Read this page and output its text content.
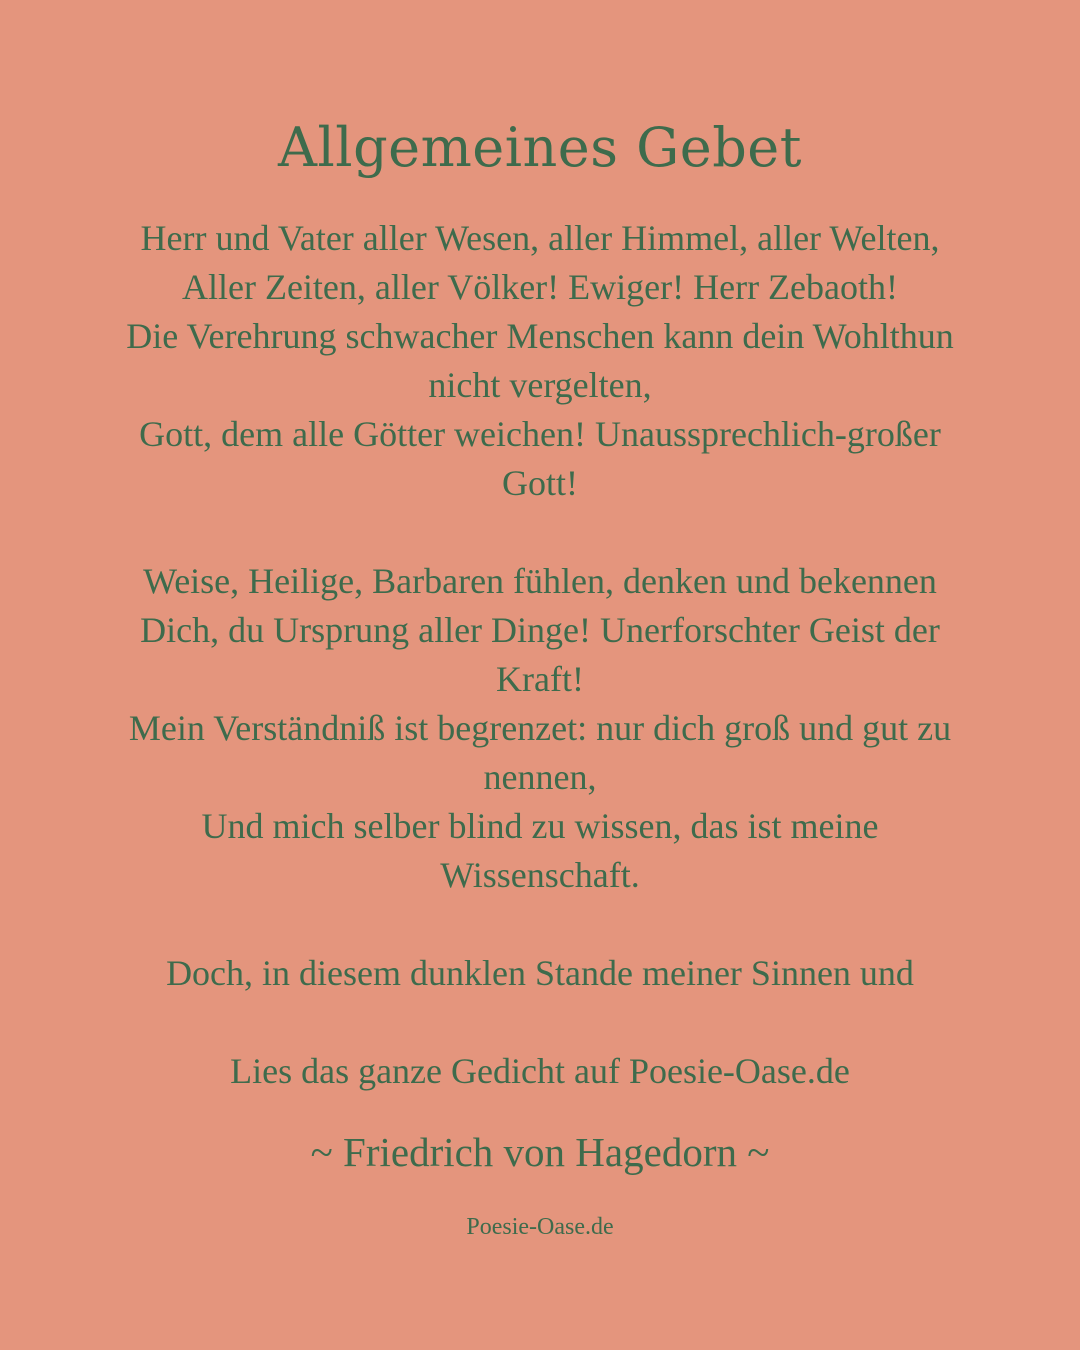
Allgemeines Gebet
Herr und Vater aller Wesen, aller Himmel, aller Welten,
Aller Zeiten, aller Völker! Ewiger! Herr Zebaoth!
Die Verehrung schwacher Menschen kann dein Wohlthun
nicht vergelten,
Gott, dem alle Götter weichen! Unaussprechlich-großer
Gott!
Weise, Heilige, Barbaren fühlen, denken und bekennen
Dich, du Ursprung aller Dinge! Unerforschter Geist der
Kraft!
Mein Verständniß ist begrenzet: nur dich groß und gut zu
nennen,
Und mich selber blind zu wissen, das ist meine
Wissenschaft.
Doch, in diesem dunklen Stande meiner Sinnen und
Lies das ganze Gedicht auf Poesie-Oase.de
~ Friedrich von Hagedorn ~
Poesie-Oase.de
